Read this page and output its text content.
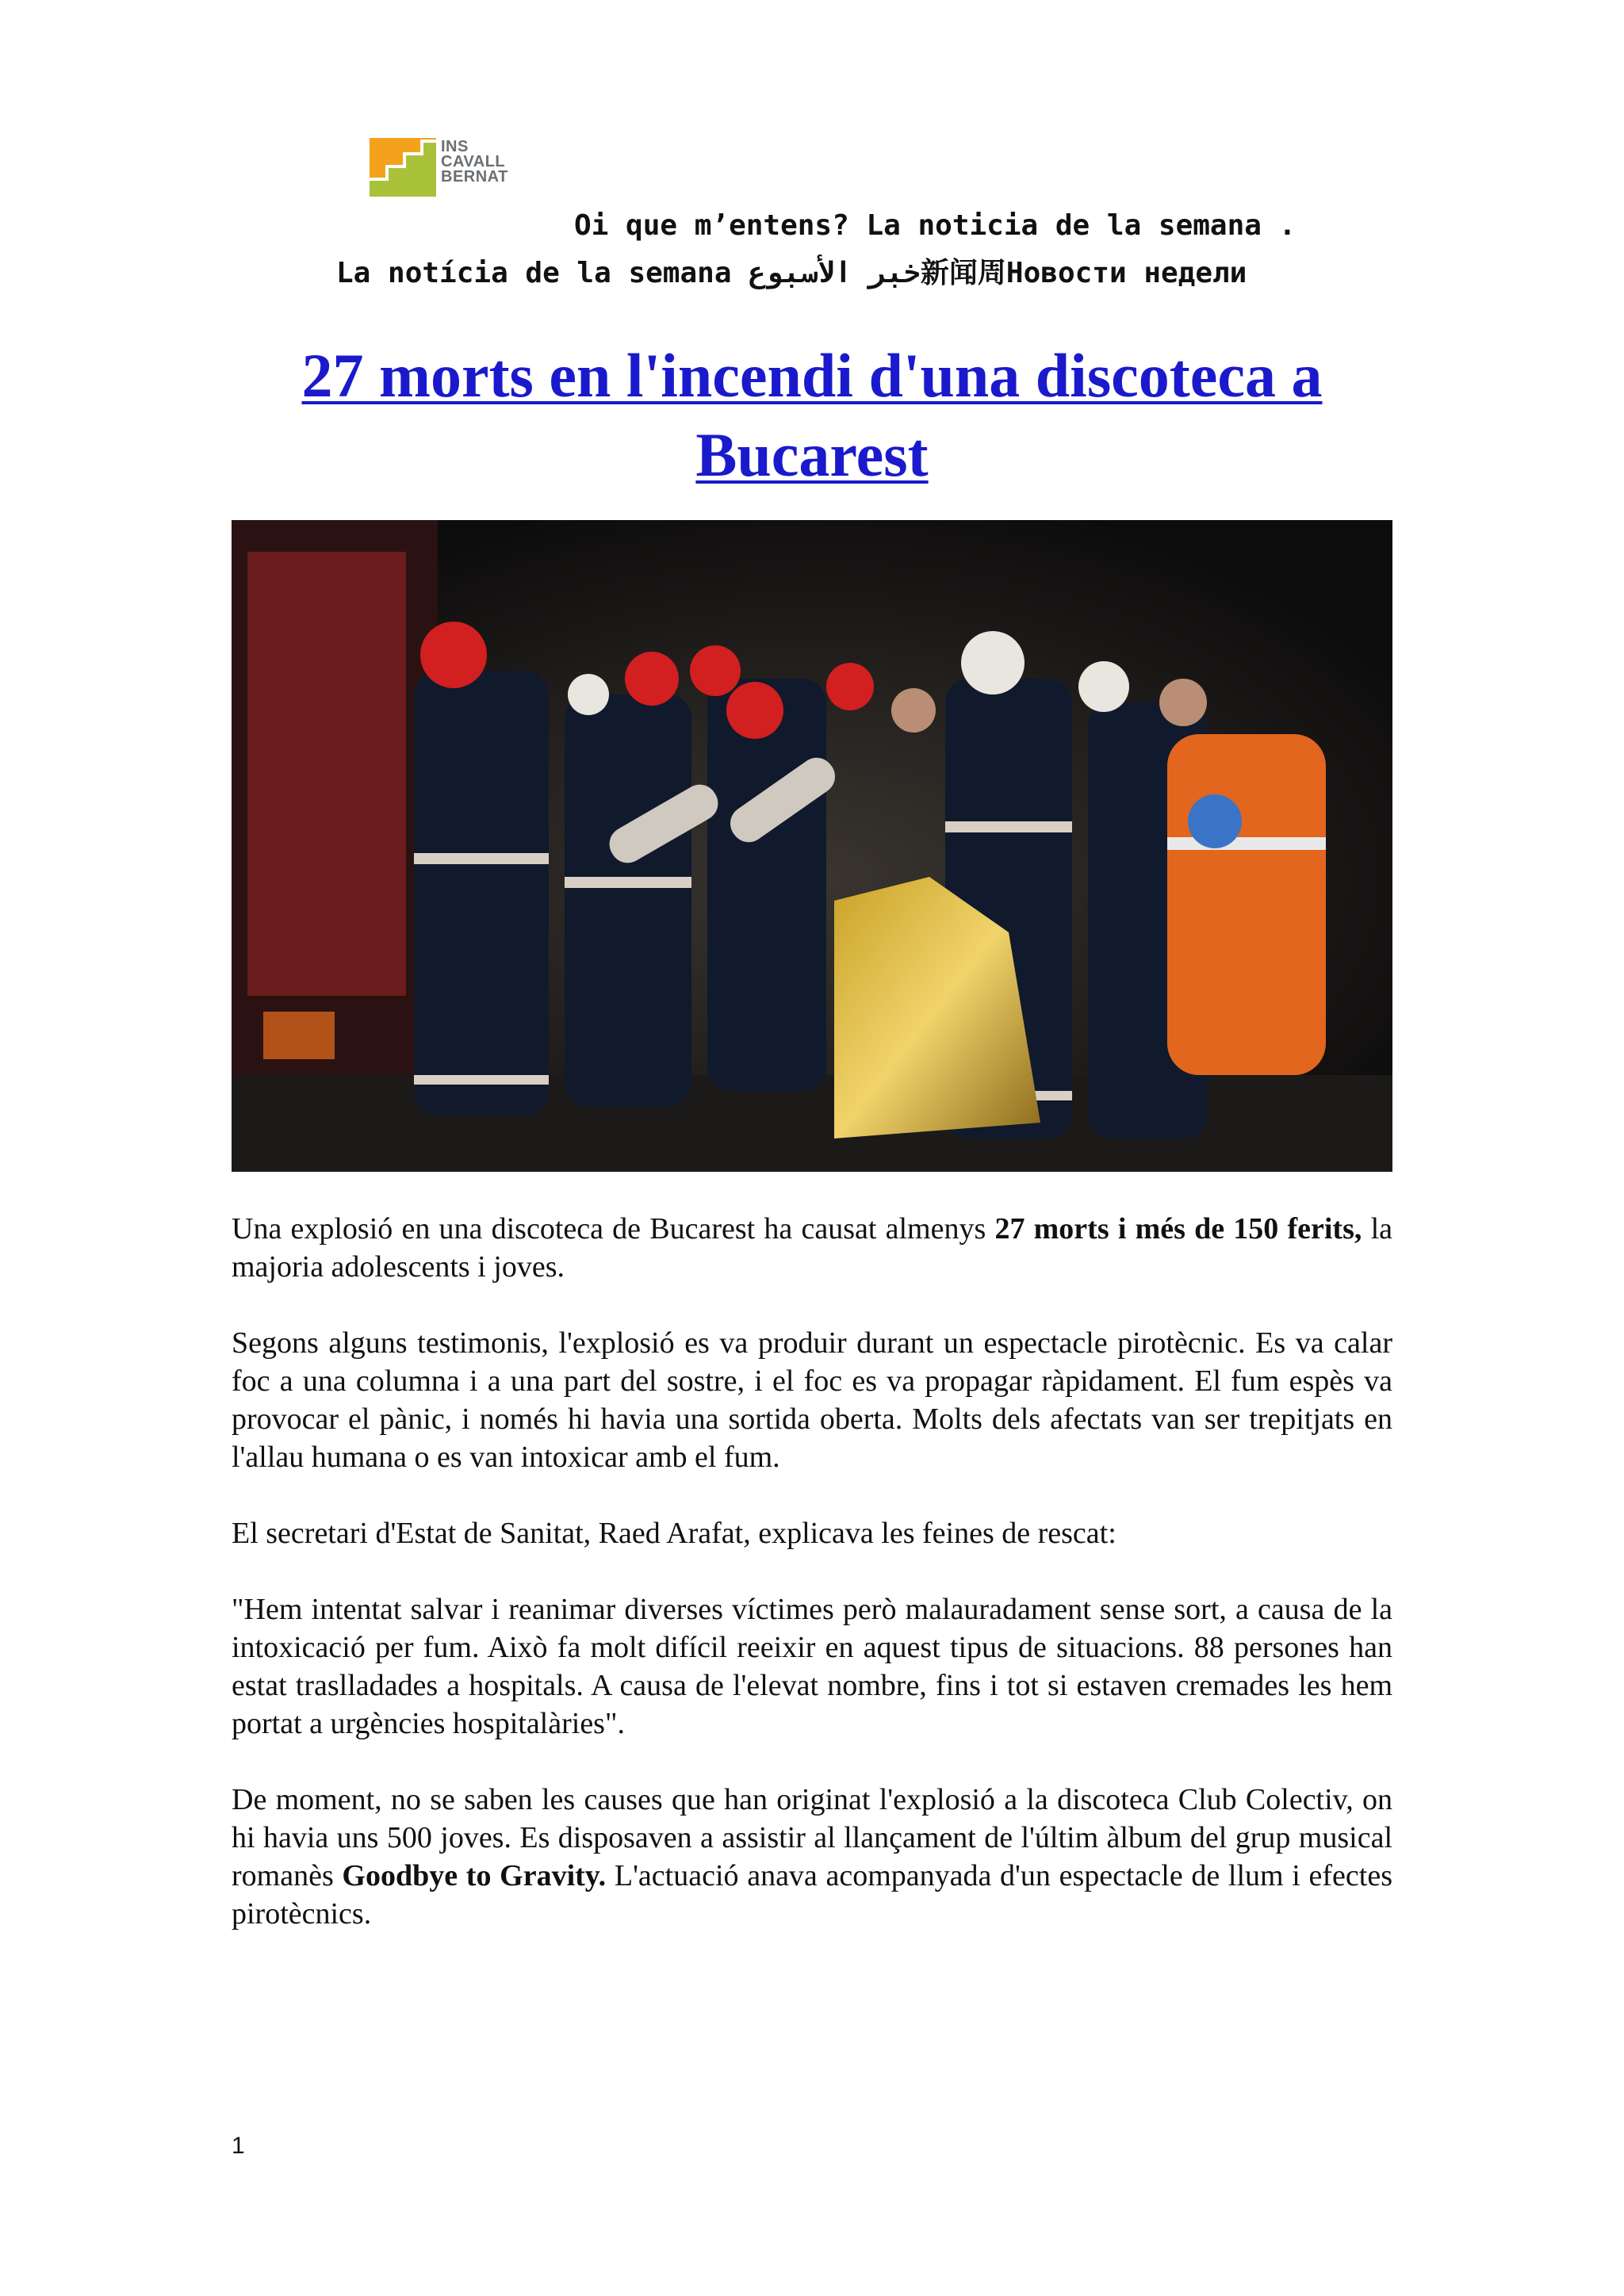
INS
CAVALL
BERNAT

Oi que m’entens? La noticia de la semana .

La notícia de la semana خبر الأسبوع新闻周Новости недели

27 morts en l'incendi d'una discoteca a Bucarest

Una explosió en una discoteca de Bucarest ha causat almenys 27 morts i més de 150 ferits, la majoria adolescents i joves.

Segons alguns testimonis, l'explosió es va produir durant un espectacle pirotècnic. Es va calar foc a una columna i a una part del sostre, i el foc es va propagar ràpidament. El fum espès va provocar el pànic, i només hi havia una sortida oberta. Molts dels afectats van ser trepitjats en l'allau humana o es van intoxicar amb el fum.

El secretari d'Estat de Sanitat, Raed Arafat, explicava les feines de rescat:

"Hem intentat salvar i reanimar diverses víctimes però malauradament sense sort, a causa de la intoxicació per fum. Això fa molt difícil reeixir en aquest tipus de situacions. 88 persones han estat traslladades a hospitals. A causa de l'elevat nombre, fins i tot si estaven cremades les hem portat a urgències hospitalàries".

De moment, no se saben les causes que han originat l'explosió a la discoteca Club Colectiv, on hi havia uns 500 joves. Es disposaven a assistir al llançament de l'últim àlbum del grup musical romanès Goodbye to Gravity. L'actuació anava acompanyada d'un espectacle de llum i efectes pirotècnics.

1
